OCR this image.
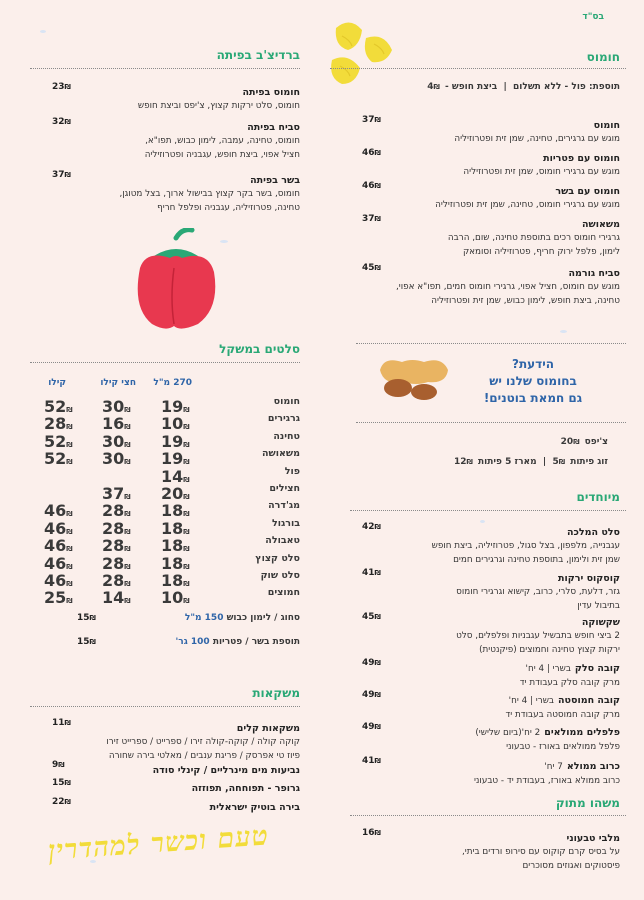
בס"ד
חומוס
תוספת: פול - ללא תשלום  |  ביצת חופש - 4₪
חומוס
מוגש עם גרגירים, טחינה, שמן זית ופטרוזיליה
37₪
חומוס עם פטריות
מוגש עם גרגירי חומוס, שמן זית ופטרוזיליה
46₪
חומוס עם בשר
מוגש עם גרגירי חומוס, טחינה, שמן זית ופטרוזיליה
46₪
משאושה
גרגירי חומוס רכים בתוספת טחינה, שום, הרבה
לימון, פלפל ירוק חריף, פטרוזיליה וסומאק
37₪
סביח גורמה
מוגש עם חומוס, חציל אפוי, גרגירי חומוס חמים, תפו"א אפוי,
טחינה, ביצת חופש, לימון כבוש, שמן זית ופטרוזיליה
45₪
הידעת?
בחומוס שלנו יש
גם חמאת בוטנים!
צ'יפס 20₪
זוג פיתות 5₪  |  מארז 5 פיתות 12₪
מיוחדים
סלט המלכה
עגבנייה, מלפפון, בצל סגול, פטרוזיליה, ביצת חופש
שמן זית ולימון, בתוספת טחינה וגרגירים חמים
42₪
קוסקוס ירקות
גזר, דלעת, סלרי, כרוב, קישוא וגרגירי חומוס
בתיבול עדין
41₪
שקשוקה
2 ביצי חופש בתבשיל עגבניות ופלפלים, סלט
ירקות קצוץ טחינה וחמוצים (פיקנטית)
45₪
קובה סלקבשרי | 4 יח'
מרק קובה סלק בעבודת יד
49₪
קובה חמוסטהבשרי | 4 יח'
מרק קובה חמוסטה בעבודת יד
49₪
פלפלים ממולאים2 יח'(ביום שלישי)
פלפל ממולאים באורז - טבעוני
49₪
כרוב ממולא7 יח'
כרוב ממולא באורז, בעבודת יד - טבעוני
41₪
משהו מתוק
מלבי טבעוני
על בסיס קרם קוקוס עם סירופ ורדים ביתי,
פיסטוקים ואגוזים מסוכרים
16₪
ברדיצ'ב בפיתה
חומוס בפיתה
חומוס, סלט ירקות קצוץ, צ'יפס וביצת חופש
23₪
סביח בפיתה
חומוס, טחינה, עמבה, לימון כבוש, תפו"א,
חציל אפוי, ביצת חופש, עגבניה ופטרוזיליה
32₪
בשר בפיתה
חומוס, בשר בקר קצוץ בבישול ארוך, בצל מטוגן,
טחינה, פטרוזיליה, עגבניה ופלפל חריף
37₪
סלטים במשקל
270 מ"ל
חצי קילו
קילו
חומוס
19₪
30₪
52₪
גרגירים
10₪
16₪
28₪
טחינה
19₪
30₪
52₪
משאושה
19₪
30₪
52₪
פול
14₪
חצילים
20₪
37₪
מג'דרה
18₪
28₪
46₪
בורגול
18₪
28₪
46₪
טאבולה
18₪
28₪
46₪
סלט קצוץ
18₪
28₪
46₪
סלט שוק
18₪
28₪
46₪
חמוצים
10₪
14₪
25₪
סחוג / לימון כבוש 150 מ"ל
15₪
תוספת בשר / פטריות 100 גר'
15₪
משקאות
משקאות קלים
קוקה קולה / קוקה-קולה זירו / ספרייט / ספרייט זירו
פיוז טי אפרסק / פריגת ענבים / מאלטי בירה שחורה
11₪
נביעות מים מינרליים / קינלי סודה
9₪
גרופר - תפוחחה, תפוזזה
15₪
בירה בוטיק ישראלית
22₪
טעם וכשר למהדרין
